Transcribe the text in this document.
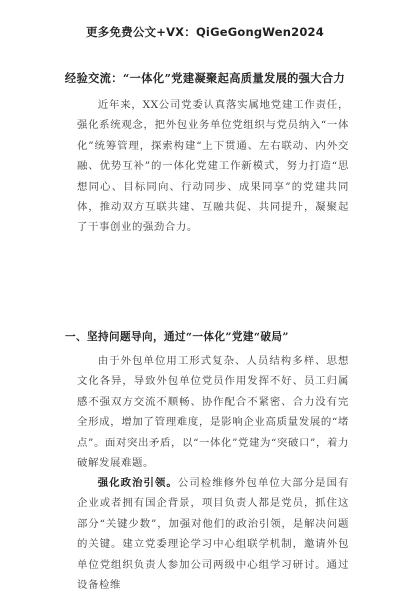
更多免费公文+VX：QiGeGongWen2024
经验交流：“一体化”党建凝聚起高质量发展的强大合力
近年来，XX公司党委认真落实属地党建工作责任，强化系统观念，把外包业务单位党组织与党员纳入“一体化”统筹管理，探索构建“上下贯通、左右联动、内外交融、优势互补”的一体化党建工作新模式，努力打造“思想同心、目标同向、行动同步、成果同享”的党建共同体，推动双方互联共建、互融共促、共同提升，凝聚起了干事创业的强劲合力。
一、坚持问题导向，通过“一体化”党建“破局”
由于外包单位用工形式复杂、人员结构多样、思想文化各异，导致外包单位党员作用发挥不好、员工归属感不强双方交流不顺畅、协作配合不紧密、合力没有完全形成，增加了管理难度，是影响企业高质量发展的“堵点”。面对突出矛盾，以“一体化”党建为“突破口”，着力破解发展难题。
强化政治引领。公司检维修外包单位大部分是国有企业或者拥有国企背景，项目负责人都是党员，抓住这部分“关键少数”，加强对他们的政治引领，是解决问题的关键。建立党委理论学习中心组联学机制，邀请外包单位党组织负责人参加公司两级中心组学习研讨。通过设备检维
